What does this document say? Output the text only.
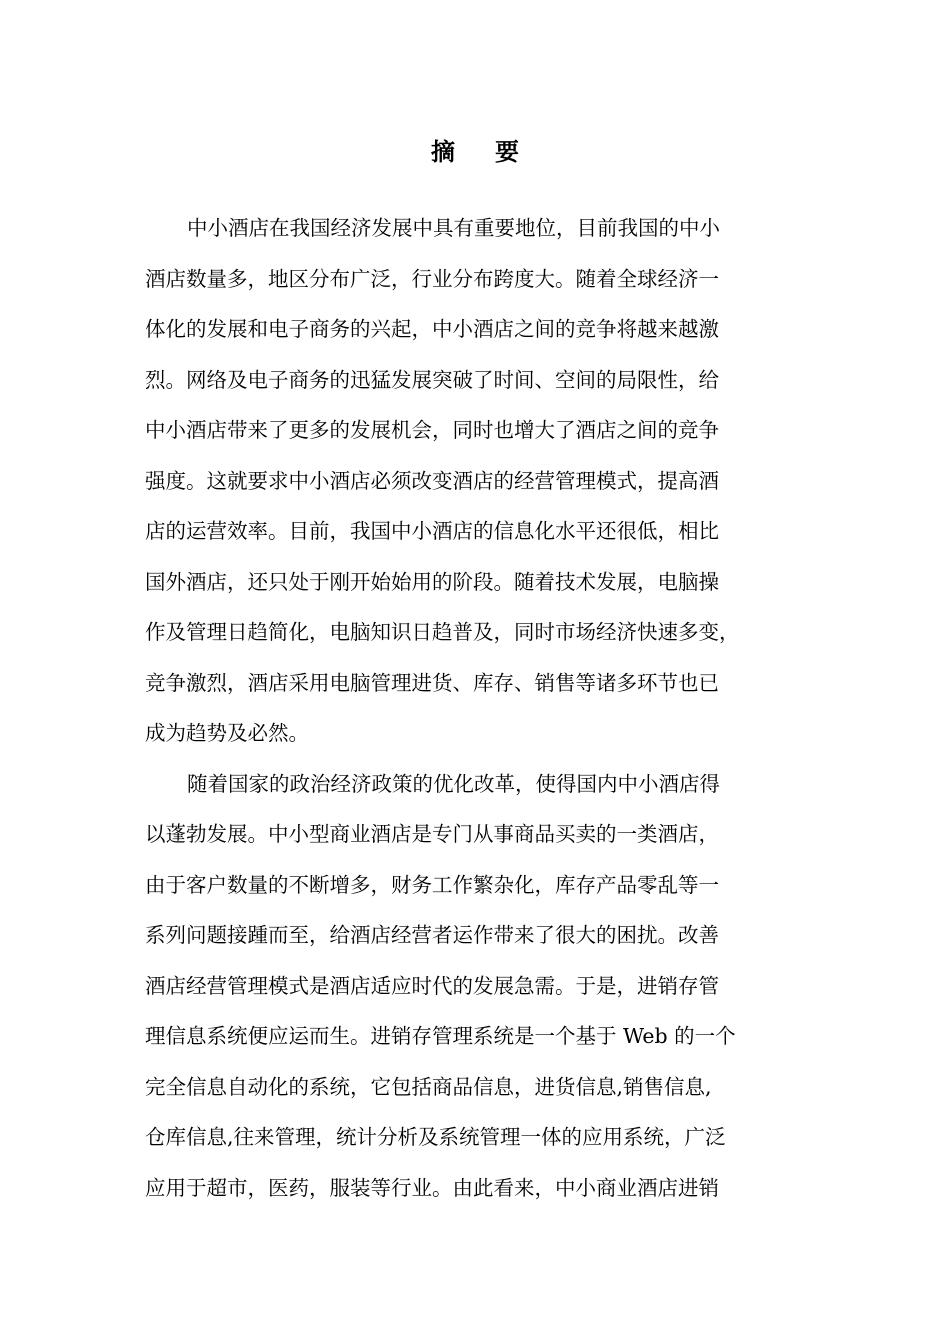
摘 要
中小酒店在我国经济发展中具有重要地位，目前我国的中小
酒店数量多，地区分布广泛，行业分布跨度大。随着全球经济一
体化的发展和电子商务的兴起，中小酒店之间的竞争将越来越激
烈。网络及电子商务的迅猛发展突破了时间、空间的局限性，给
中小酒店带来了更多的发展机会，同时也增大了酒店之间的竞争
强度。这就要求中小酒店必须改变酒店的经营管理模式，提高酒
店的运营效率。目前，我国中小酒店的信息化水平还很低，相比
国外酒店，还只处于刚开始始用的阶段。随着技术发展，电脑操
作及管理日趋简化，电脑知识日趋普及，同时市场经济快速多变，
竞争激烈，酒店采用电脑管理进货、库存、销售等诸多环节也已
成为趋势及必然。
随着国家的政治经济政策的优化改革，使得国内中小酒店得
以蓬勃发展。中小型商业酒店是专门从事商品买卖的一类酒店，
由于客户数量的不断增多，财务工作繁杂化，库存产品零乱等一
系列问题接踵而至，给酒店经营者运作带来了很大的困扰。改善
酒店经营管理模式是酒店适应时代的发展急需。于是，进销存管
理信息系统便应运而生。进销存管理系统是一个基于 Web 的一个
完全信息自动化的系统，它包括商品信息，进货信息,销售信息,
仓库信息,往来管理，统计分析及系统管理一体的应用系统，广泛
应用于超市，医药，服装等行业。由此看来，中小商业酒店进销
